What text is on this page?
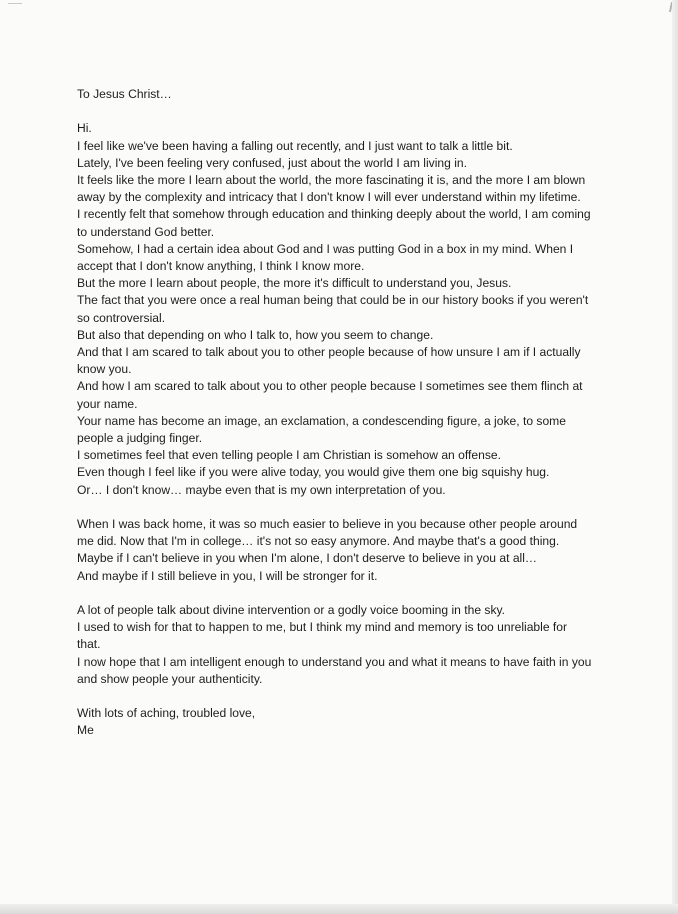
To Jesus Christ…
Hi.
I feel like we've been having a falling out recently, and I just want to talk a little bit.
Lately, I've been feeling very confused, just about the world I am living in.
It feels like the more I learn about the world, the more fascinating it is, and the more I am blown
away by the complexity and intricacy that I don't know I will ever understand within my lifetime.
I recently felt that somehow through education and thinking deeply about the world, I am coming
to understand God better.
Somehow, I had a certain idea about God and I was putting God in a box in my mind. When I
accept that I don't know anything, I think I know more.
But the more I learn about people, the more it's difficult to understand you, Jesus.
The fact that you were once a real human being that could be in our history books if you weren't
so controversial.
But also that depending on who I talk to, how you seem to change.
And that I am scared to talk about you to other people because of how unsure I am if I actually
know you.
And how I am scared to talk about you to other people because I sometimes see them flinch at
your name.
Your name has become an image, an exclamation, a condescending figure, a joke, to some
people a judging finger.
I sometimes feel that even telling people I am Christian is somehow an offense.
Even though I feel like if you were alive today, you would give them one big squishy hug.
Or… I don't know… maybe even that is my own interpretation of you.
When I was back home, it was so much easier to believe in you because other people around
me did. Now that I'm in college… it's not so easy anymore. And maybe that's a good thing.
Maybe if I can't believe in you when I'm alone, I don't deserve to believe in you at all…
And maybe if I still believe in you, I will be stronger for it.
A lot of people talk about divine intervention or a godly voice booming in the sky.
I used to wish for that to happen to me, but I think my mind and memory is too unreliable for
that.
I now hope that I am intelligent enough to understand you and what it means to have faith in you
and show people your authenticity.
With lots of aching, troubled love,
Me
